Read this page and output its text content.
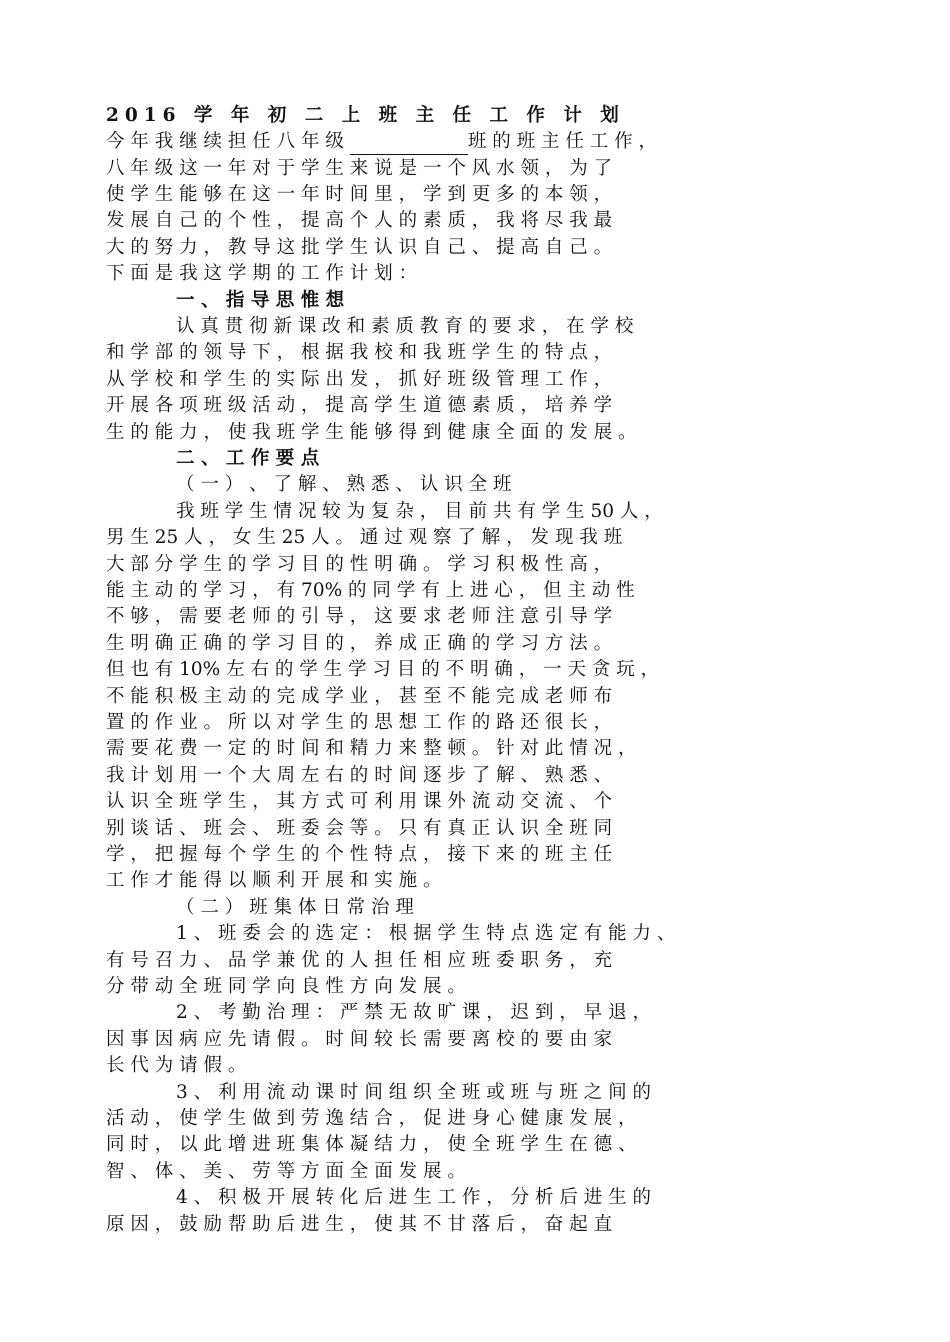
2016 学 年 初 二 上 班 主 任 工 作 计 划
今 年 我 继 续 担 任 八 年 级	班 的 班 主 任 工 作 ，
八 年 级 这 一 年 对 于 学 生 来 说 是 一 个 风 水 领 ， 为 了
使 学 生 能 够 在 这 一 年 时 间 里 ， 学 到 更 多 的 本 领 ，
发 展 自 己 的 个 性 ， 提 高 个 人 的 素 质 ， 我 将 尽 我 最
大 的 努 力 ， 教 导 这 批 学 生 认 识 自 己 、 提 高 自 己 。
下 面 是 我 这 学 期 的 工 作 计 划 ：
一 、 指 导 思 惟 想
认 真 贯 彻 新 课 改 和 素 质 教 育 的 要 求 ， 在 学 校
和 学 部 的 领 导 下 ， 根 据 我 校 和 我 班 学 生 的 特 点 ，
从 学 校 和 学 生 的 实 际 出 发 ， 抓 好 班 级 管 理 工 作 ，
开 展 各 项 班 级 活 动 ， 提 高 学 生 道 德 素 质 ， 培 养 学
生 的 能 力 ， 使 我 班 学 生 能 够 得 到 健 康 全 面 的 发 展 。
二 、 工 作 要 点
（ 一 ） 、 了 解 、 熟 悉 、 认 识 全 班
我 班 学 生 情 况 较 为 复 杂 ， 目 前 共 有 学 生 50 人 ，
男 生 25 人 ， 女 生 25 人 。 通 过 观 察 了 解 ， 发 现 我 班
大 部 分 学 生 的 学 习 目 的 性 明 确 。 学 习 积 极 性 高 ，
能 主 动 的 学 习 ， 有 70% 的 同 学 有 上 进 心 ， 但 主 动 性
不 够 ， 需 要 老 师 的 引 导 ， 这 要 求 老 师 注 意 引 导 学
生 明 确 正 确 的 学 习 目 的 ， 养 成 正 确 的 学 习 方 法 。
但 也 有 10% 左 右 的 学 生 学 习 目 的 不 明 确 ， 一 天 贪 玩 ，
不 能 积 极 主 动 的 完 成 学 业 ， 甚 至 不 能 完 成 老 师 布
置 的 作 业 。 所 以 对 学 生 的 思 想 工 作 的 路 还 很 长 ，
需 要 花 费 一 定 的 时 间 和 精 力 来 整 顿 。 针 对 此 情 况 ，
我 计 划 用 一 个 大 周 左 右 的 时 间 逐 步 了 解 、 熟 悉 、
认 识 全 班 学 生 ， 其 方 式 可 利 用 课 外 流 动 交 流 、 个
别 谈 话 、 班 会 、 班 委 会 等 。 只 有 真 正 认 识 全 班 同
学 ， 把 握 每 个 学 生 的 个 性 特 点 ， 接 下 来 的 班 主 任
工 作 才 能 得 以 顺 利 开 展 和 实 施 。
（ 二 ） 班 集 体 日 常 治 理
1 、 班 委 会 的 选 定 ： 根 据 学 生 特 点 选 定 有 能 力 、
有 号 召 力 、 品 学 兼 优 的 人 担 任 相 应 班 委 职 务 ， 充
分 带 动 全 班 同 学 向 良 性 方 向 发 展 。
2 、 考 勤 治 理 ： 严 禁 无 故 旷 课 ， 迟 到 ， 早 退 ，
因 事 因 病 应 先 请 假 。 时 间 较 长 需 要 离 校 的 要 由 家
长 代 为 请 假 。
3 、 利 用 流 动 课 时 间 组 织 全 班 或 班 与 班 之 间 的
活 动 ， 使 学 生 做 到 劳 逸 结 合 ， 促 进 身 心 健 康 发 展 ，
同 时 ， 以 此 增 进 班 集 体 凝 结 力 ， 使 全 班 学 生 在 德 、
智 、 体 、 美 、 劳 等 方 面 全 面 发 展 。
4 、 积 极 开 展 转 化 后 进 生 工 作 ， 分 析 后 进 生 的
原 因 ， 鼓 励 帮 助 后 进 生 ， 使 其 不 甘 落 后 ， 奋 起 直
